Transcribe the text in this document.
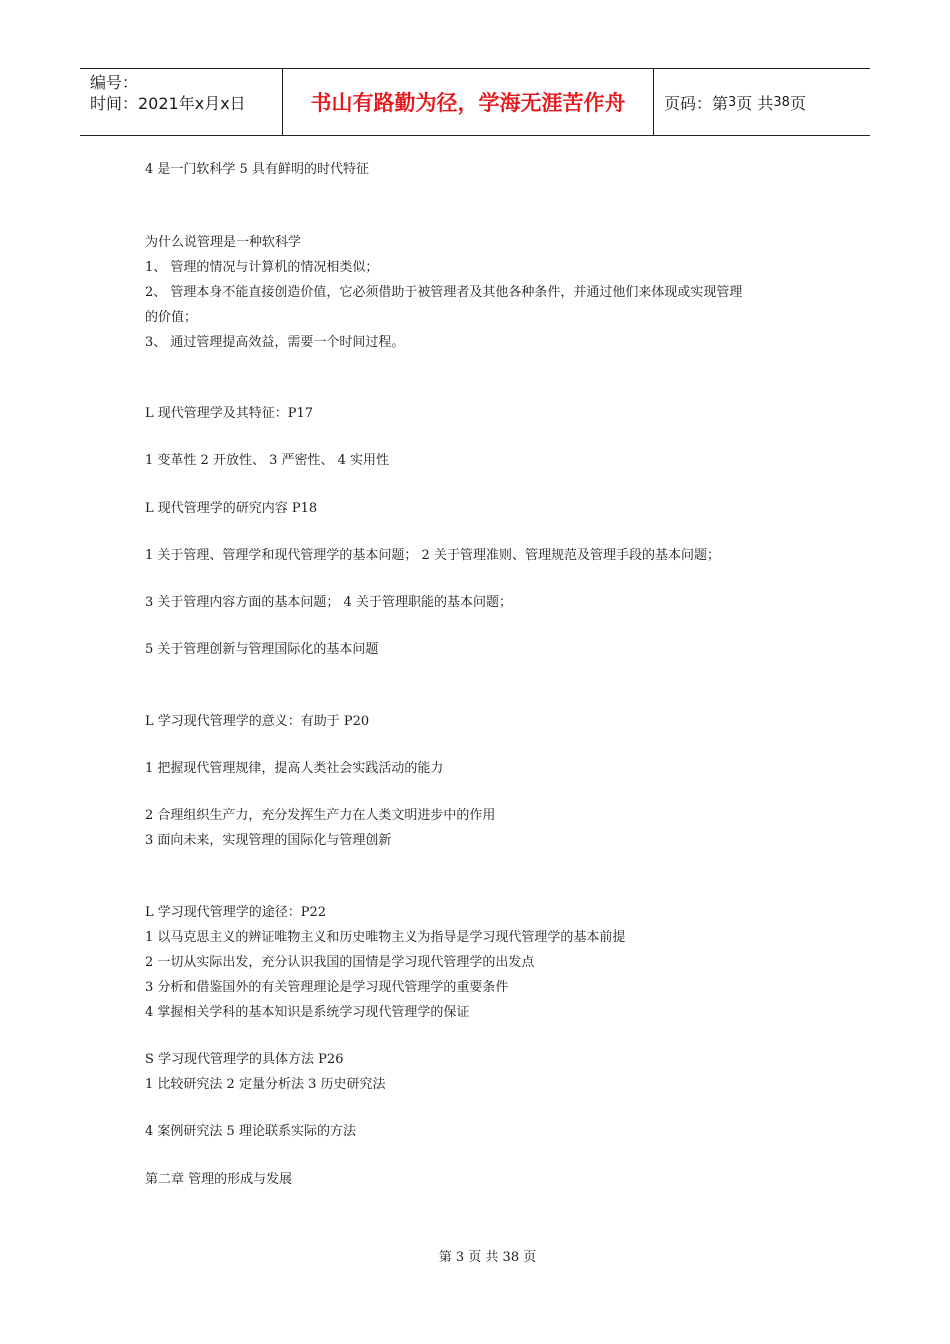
编号：
时间：2021年x月x日	书山有路勤为径，学海无涯苦作舟	页码：第 3 页 共 38 页
4 是一门软科学 5 具有鲜明的时代特征
为什么说管理是一种软科学
1、 管理的情况与计算机的情况相类似；
2、 管理本身不能直接创造价值，它必须借助于被管理者及其他各种条件，并通过他们来体现或实现管理
的价值；
3、 通过管理提高效益，需要一个时间过程。
L 现代管理学及其特征：P17
1 变革性 2 开放性、 3 严密性、 4 实用性
L 现代管理学的研究内容 P18
1 关于管理、管理学和现代管理学的基本问题； 2 关于管理准则、管理规范及管理手段的基本问题；
3 关于管理内容方面的基本问题； 4 关于管理职能的基本问题；
5 关于管理创新与管理国际化的基本问题
L 学习现代管理学的意义：有助于 P20
1 把握现代管理规律，提高人类社会实践活动的能力
2 合理组织生产力，充分发挥生产力在人类文明进步中的作用
3 面向未来，实现管理的国际化与管理创新
L 学习现代管理学的途径：P22
1 以马克思主义的辨证唯物主义和历史唯物主义为指导是学习现代管理学的基本前提
2 一切从实际出发，充分认识我国的国情是学习现代管理学的出发点
3 分析和借鉴国外的有关管理理论是学习现代管理学的重要条件
4 掌握相关学科的基本知识是系统学习现代管理学的保证
S 学习现代管理学的具体方法 P26
1 比较研究法 2 定量分析法 3 历史研究法
4 案例研究法 5 理论联系实际的方法
第二章 管理的形成与发展
第 3 页 共 38 页
